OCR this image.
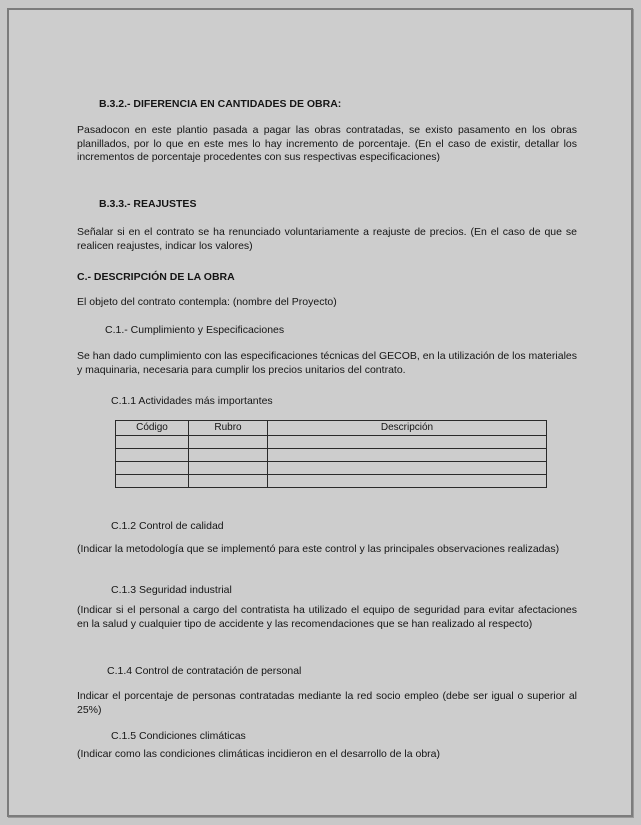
B.3.2.- DIFERENCIA EN CANTIDADES DE OBRA:
Pasadocon en este plantio pasada a pagar las obras contratadas, se existo pasamento en los obras planillados, por lo que en este mes lo hay incremento de porcentaje. (En el caso de existir, detallar los incrementos de porcentaje procedentes con sus respectivas especificaciones)
B.3.3.- REAJUSTES
Señalar si en el contrato se ha renunciado voluntariamente a reajuste de precios. (En el caso de que se realicen reajustes, indicar los valores)
C.- DESCRIPCIÓN DE LA OBRA
El objeto del contrato contempla: (nombre del Proyecto)
C.1.- Cumplimiento y Especificaciones
Se han dado cumplimiento con las especificaciones técnicas del GECOB, en la utilización de los materiales y maquinaria, necesaria para cumplir los precios unitarios del contrato.
C.1.1 Actividades más importantes
Código	Rubro	Descripción

C.1.2 Control de calidad
(Indicar la metodología que se implementó para este control y las principales observaciones realizadas)
C.1.3 Seguridad industrial
(Indicar si el personal a cargo del contratista ha utilizado el equipo de seguridad para evitar afectaciones en la salud y cualquier tipo de accidente y las recomendaciones que se han realizado al respecto)
C.1.4 Control de contratación de personal
Indicar el porcentaje de personas contratadas mediante la red socio empleo (debe ser igual o superior al 25%)
C.1.5 Condiciones climáticas
(Indicar como las condiciones climáticas incidieron en el desarrollo de la obra)
